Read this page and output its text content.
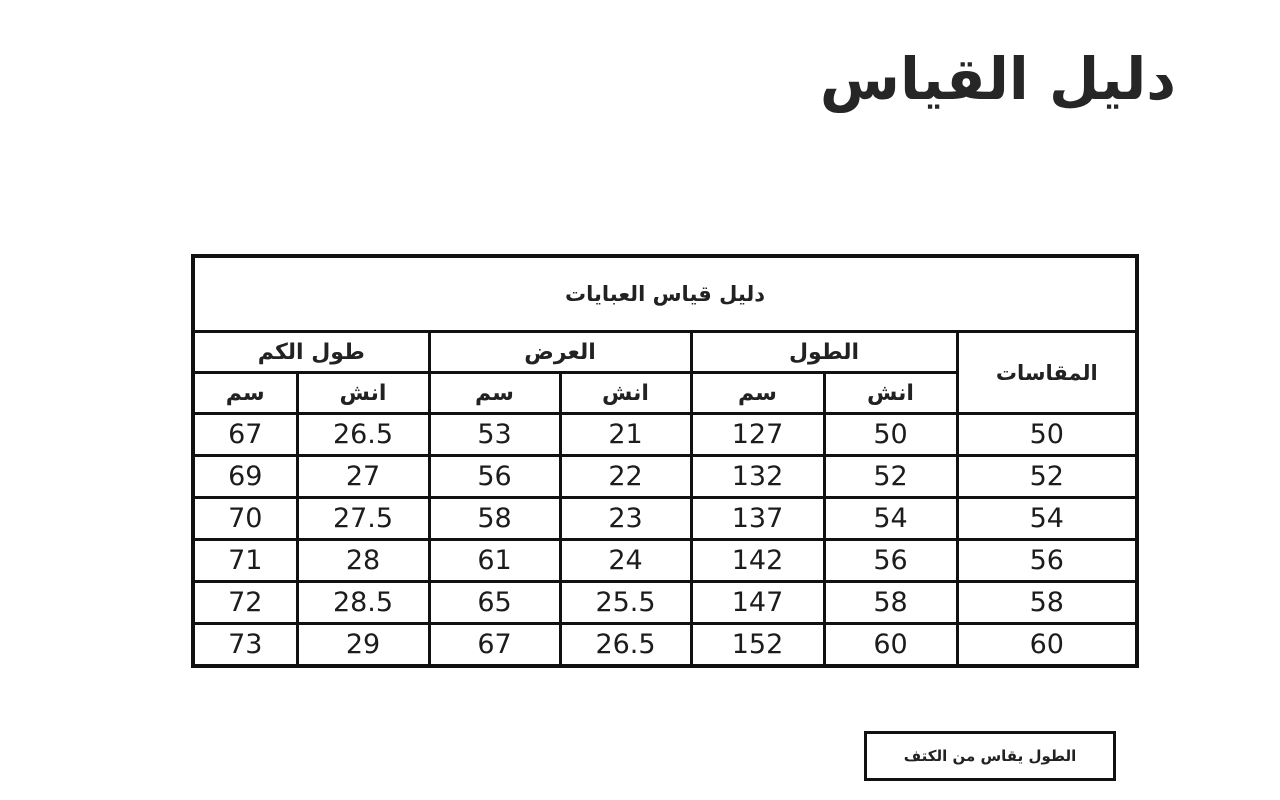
دليل القياس
دليل قياس العبايات						
طول الكم		العرض		الطول		المقاسات
سم	انش	سم	انش	سم	انش	
67	26.5	53	21	127	50	50
69	27	56	22	132	52	52
70	27.5	58	23	137	54	54
71	28	61	24	142	56	56
72	28.5	65	25.5	147	58	58
73	29	67	26.5	152	60	60
الطول يقاس من الكتف
